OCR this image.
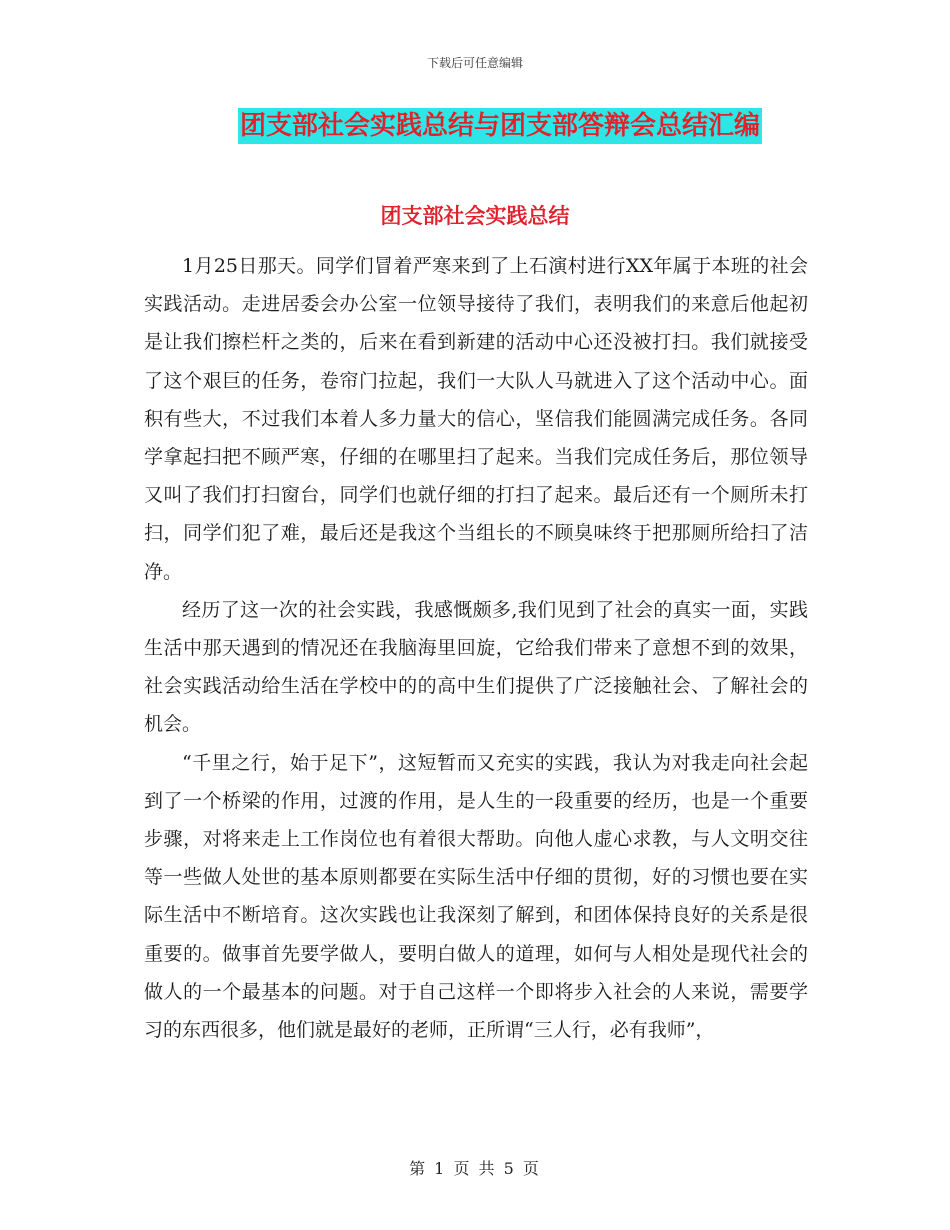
下载后可任意编辑
团支部社会实践总结与团支部答辩会总结汇编
团支部社会实践总结

1月25日那天。同学们冒着严寒来到了上石演村进行XX年属于本班的社会实践活动。走进居委会办公室一位领导接待了我们，表明我们的来意后他起初是让我们擦栏杆之类的，后来在看到新建的活动中心还没被打扫。我们就接受了这个艰巨的任务，卷帘门拉起，我们一大队人马就进入了这个活动中心。面积有些大，不过我们本着人多力量大的信心，坚信我们能圆满完成任务。各同学拿起扫把不顾严寒，仔细的在哪里扫了起来。当我们完成任务后，那位领导又叫了我们打扫窗台，同学们也就仔细的打扫了起来。最后还有一个厕所未打扫，同学们犯了难，最后还是我这个当组长的不顾臭味终于把那厕所给扫了洁净。

经历了这一次的社会实践，我感慨颇多,我们见到了社会的真实一面，实践生活中那天遇到的情况还在我脑海里回旋，它给我们带来了意想不到的效果，社会实践活动给生活在学校中的的高中生们提供了广泛接触社会、了解社会的机会。

“千里之行，始于足下”，这短暂而又充实的实践，我认为对我走向社会起到了一个桥梁的作用，过渡的作用，是人生的一段重要的经历，也是一个重要步骤，对将来走上工作岗位也有着很大帮助。向他人虚心求教，与人文明交往等一些做人处世的基本原则都要在实际生活中仔细的贯彻，好的习惯也要在实际生活中不断培育。这次实践也让我深刻了解到，和团体保持良好的关系是很重要的。做事首先要学做人，要明白做人的道理，如何与人相处是现代社会的做人的一个最基本的问题。对于自己这样一个即将步入社会的人来说，需要学习的东西很多，他们就是最好的老师，正所谓“三人行，必有我师”，

第 1 页 共 5 页
